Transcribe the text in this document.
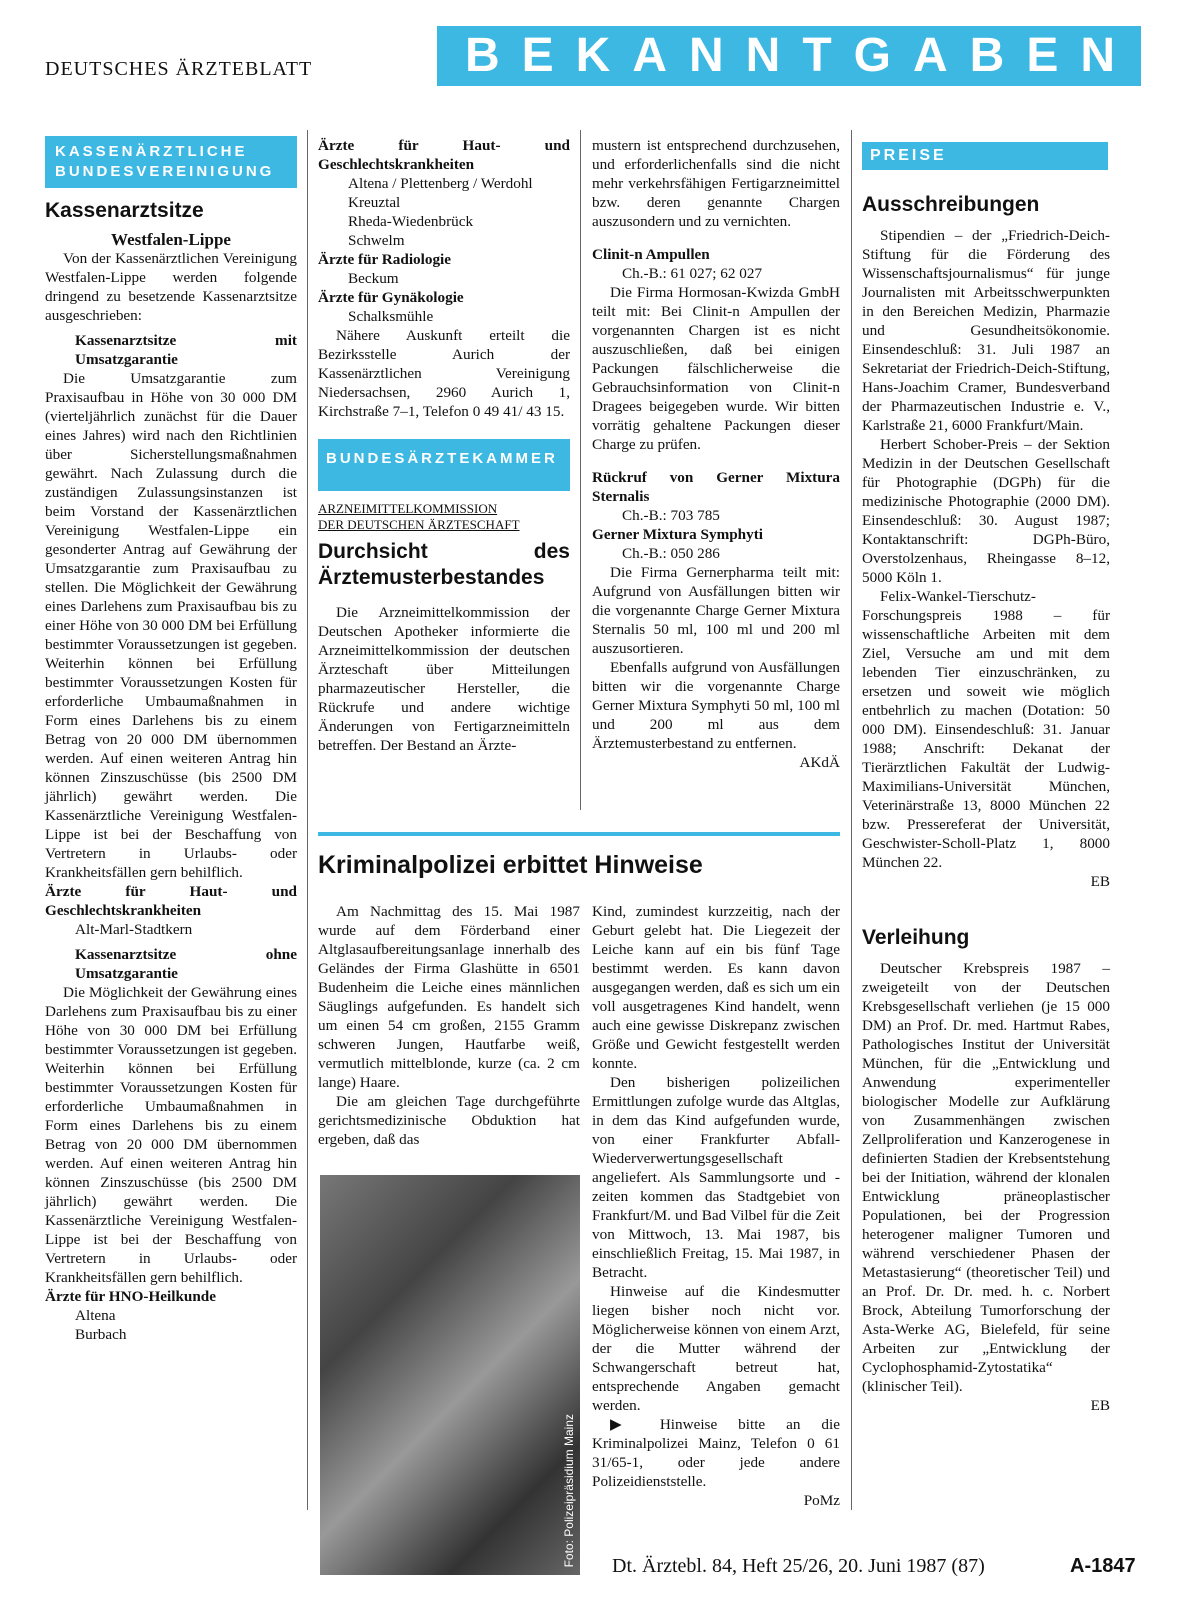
DEUTSCHES ÄRZTEBLATT	BEKANNTGABEN
KASSENÄRZTLICHE
BUNDESVEREINIGUNG
Kassenarztsitze

Westfalen-Lippe

Von der Kassenärztlichen Vereinigung Westfalen-Lippe werden folgende dringend zu besetzende Kassenarztsitze ausgeschrieben:

Kassenarztsitze mit Umsatzgarantie

Die Umsatzgarantie zum Praxisaufbau in Höhe von 30 000 DM (vierteljährlich zunächst für die Dauer eines Jahres) wird nach den Richtlinien über Sicherstellungsmaßnahmen gewährt. Nach Zulassung durch die zuständigen Zulassungsinstanzen ist beim Vorstand der Kassenärztlichen Vereinigung Westfalen-Lippe ein gesonderter Antrag auf Gewährung der Umsatzgarantie zum Praxisaufbau zu stellen. Die Möglichkeit der Gewährung eines Darlehens zum Praxisaufbau bis zu einer Höhe von 30 000 DM bei Erfüllung bestimmter Voraussetzungen ist gegeben. Weiterhin können bei Erfüllung bestimmter Voraussetzungen Kosten für erforderliche Umbaumaßnahmen in Form eines Darlehens bis zu einem Betrag von 20 000 DM übernommen werden. Auf einen weiteren Antrag hin können Zinszuschüsse (bis 2500 DM jährlich) gewährt werden. Die Kassenärztliche Vereinigung Westfalen-Lippe ist bei der Beschaffung von Vertretern in Urlaubs- oder Krankheitsfällen gern behilflich.

Ärzte für Haut- und Geschlechtskrankheiten

Alt-Marl-Stadtkern

Kassenarztsitze ohne Umsatzgarantie

Die Möglichkeit der Gewährung eines Darlehens zum Praxisaufbau bis zu einer Höhe von 30 000 DM bei Erfüllung bestimmter Voraussetzungen ist gegeben. Weiterhin können bei Erfüllung bestimmter Voraussetzungen Kosten für erforderliche Umbaumaßnahmen in Form eines Darlehens bis zu einem Betrag von 20 000 DM übernommen werden. Auf einen weiteren Antrag hin können Zinszuschüsse (bis 2500 DM jährlich) gewährt werden. Die Kassenärztliche Vereinigung Westfalen-Lippe ist bei der Beschaffung von Vertretern in Urlaubs- oder Krankheitsfällen gern behilflich.

Ärzte für HNO-Heilkunde

Altena

Burbach

Ärzte für Haut- und Geschlechtskrankheiten

Altena / Plettenberg / Werdohl

Kreuztal

Rheda-Wiedenbrück

Schwelm

Ärzte für Radiologie

Beckum

Ärzte für Gynäkologie

Schalksmühle

Nähere Auskunft erteilt die Bezirksstelle Aurich der Kassenärztlichen Vereinigung Niedersachsen, 2960 Aurich 1, Kirchstraße 7–1, Telefon 0 49 41/ 43 15.

BUNDESÄRZTEKAMMER

ARZNEIMITTELKOMMISSION

DER DEUTSCHEN ÄRZTESCHAFT

Durchsicht des Ärztemusterbestandes

Die Arzneimittelkommission der Deutschen Apotheker informierte die Arzneimittelkommission der deutschen Ärzteschaft über Mitteilungen pharmazeutischer Hersteller, die Rückrufe und andere wichtige Änderungen von Fertigarzneimitteln betreffen. Der Bestand an Ärzte-

mustern ist entsprechend durchzusehen, und erforderlichenfalls sind die nicht mehr verkehrsfähigen Fertigarzneimittel bzw. deren genannte Chargen auszusondern und zu vernichten.

Clinit-n Ampullen

Ch.-B.: 61 027; 62 027

Die Firma Hormosan-Kwizda GmbH teilt mit: Bei Clinit-n Ampullen der vorgenannten Chargen ist es nicht auszuschließen, daß bei einigen Packungen fälschlicherweise die Gebrauchsinformation von Clinit-n Dragees beigegeben wurde. Wir bitten vorrätig gehaltene Packungen dieser Charge zu prüfen.

Rückruf von Gerner Mixtura Sternalis

Ch.-B.: 703 785

Gerner Mixtura Symphyti

Ch.-B.: 050 286

Die Firma Gernerpharma teilt mit: Aufgrund von Ausfällungen bitten wir die vorgenannte Charge Gerner Mixtura Sternalis 50 ml, 100 ml und 200 ml auszusortieren.

Ebenfalls aufgrund von Ausfällungen bitten wir die vorgenannte Charge Gerner Mixtura Symphyti 50 ml, 100 ml und 200 ml aus dem Ärztemusterbestand zu entfernen.

AKdÄ

Kriminalpolizei erbittet Hinweise

Am Nachmittag des 15. Mai 1987 wurde auf dem Förderband einer Altglasaufbereitungsanlage innerhalb des Geländes der Firma Glashütte in 6501 Budenheim die Leiche eines männlichen Säuglings aufgefunden. Es handelt sich um einen 54 cm großen, 2155 Gramm schweren Jungen, Hautfarbe weiß, vermutlich mittelblonde, kurze (ca. 2 cm lange) Haare.

Die am gleichen Tage durchgeführte gerichtsmedizinische Obduktion hat ergeben, daß das

Foto: Polizeipräsidium Mainz

Kind, zumindest kurzzeitig, nach der Geburt gelebt hat. Die Liegezeit der Leiche kann auf ein bis fünf Tage bestimmt werden. Es kann davon ausgegangen werden, daß es sich um ein voll ausgetragenes Kind handelt, wenn auch eine gewisse Diskrepanz zwischen Größe und Gewicht festgestellt werden konnte.

Den bisherigen polizeilichen Ermittlungen zufolge wurde das Altglas, in dem das Kind aufgefunden wurde, von einer Frankfurter Abfall-Wiederverwertungsgesellschaft angeliefert. Als Sammlungsorte und -zeiten kommen das Stadtgebiet von Frankfurt/M. und Bad Vilbel für die Zeit von Mittwoch, 13. Mai 1987, bis einschließlich Freitag, 15. Mai 1987, in Betracht.

Hinweise auf die Kindesmutter liegen bisher noch nicht vor. Möglicherweise können von einem Arzt, der die Mutter während der Schwangerschaft betreut hat, entsprechende Angaben gemacht werden.

▶ Hinweise bitte an die Kriminalpolizei Mainz, Telefon 0 61 31/65-1, oder jede andere Polizeidienststelle.

PoMz

PREISE
Ausschreibungen

Stipendien – der „Friedrich-Deich-Stiftung für die Förderung des Wissenschaftsjournalismus“ für junge Journalisten mit Arbeitsschwerpunkten in den Bereichen Medizin, Pharmazie und Gesundheitsökonomie. Einsendeschluß: 31. Juli 1987 an Sekretariat der Friedrich-Deich-Stiftung, Hans-Joachim Cramer, Bundesverband der Pharmazeutischen Industrie e. V., Karlstraße 21, 6000 Frankfurt/Main.

Herbert Schober-Preis – der Sektion Medizin in der Deutschen Gesellschaft für Photographie (DGPh) für die medizinische Photographie (2000 DM). Einsendeschluß: 30. August 1987; Kontaktanschrift: DGPh-Büro, Overstolzenhaus, Rheingasse 8–12, 5000 Köln 1.

Felix-Wankel-Tierschutz-Forschungspreis 1988 – für wissenschaftliche Arbeiten mit dem Ziel, Versuche am und mit dem lebenden Tier einzuschränken, zu ersetzen und soweit wie möglich entbehrlich zu machen (Dotation: 50 000 DM). Einsendeschluß: 31. Januar 1988; Anschrift: Dekanat der Tierärztlichen Fakultät der Ludwig-Maximilians-Universität München, Veterinärstraße 13, 8000 München 22 bzw. Pressereferat der Universität, Geschwister-Scholl-Platz 1, 8000 München 22.

EB

Verleihung

Deutscher Krebspreis 1987 – zweigeteilt von der Deutschen Krebsgesellschaft verliehen (je 15 000 DM) an Prof. Dr. med. Hartmut Rabes, Pathologisches Institut der Universität München, für die „Entwicklung und Anwendung experimenteller biologischer Modelle zur Aufklärung von Zusammenhängen zwischen Zellproliferation und Kanzerogenese in definierten Stadien der Krebsentstehung bei der Initiation, während der klonalen Entwicklung präneoplastischer Populationen, bei der Progression heterogener maligner Tumoren und während verschiedener Phasen der Metastasierung“ (theoretischer Teil) und an Prof. Dr. Dr. med. h. c. Norbert Brock, Abteilung Tumorforschung der Asta-Werke AG, Bielefeld, für seine Arbeiten zur „Entwicklung der Cyclophosphamid-Zytostatika“ (klinischer Teil).

EB

Dt. Ärztebl. 84, Heft 25/26, 20. Juni 1987 (87)	A-1847
